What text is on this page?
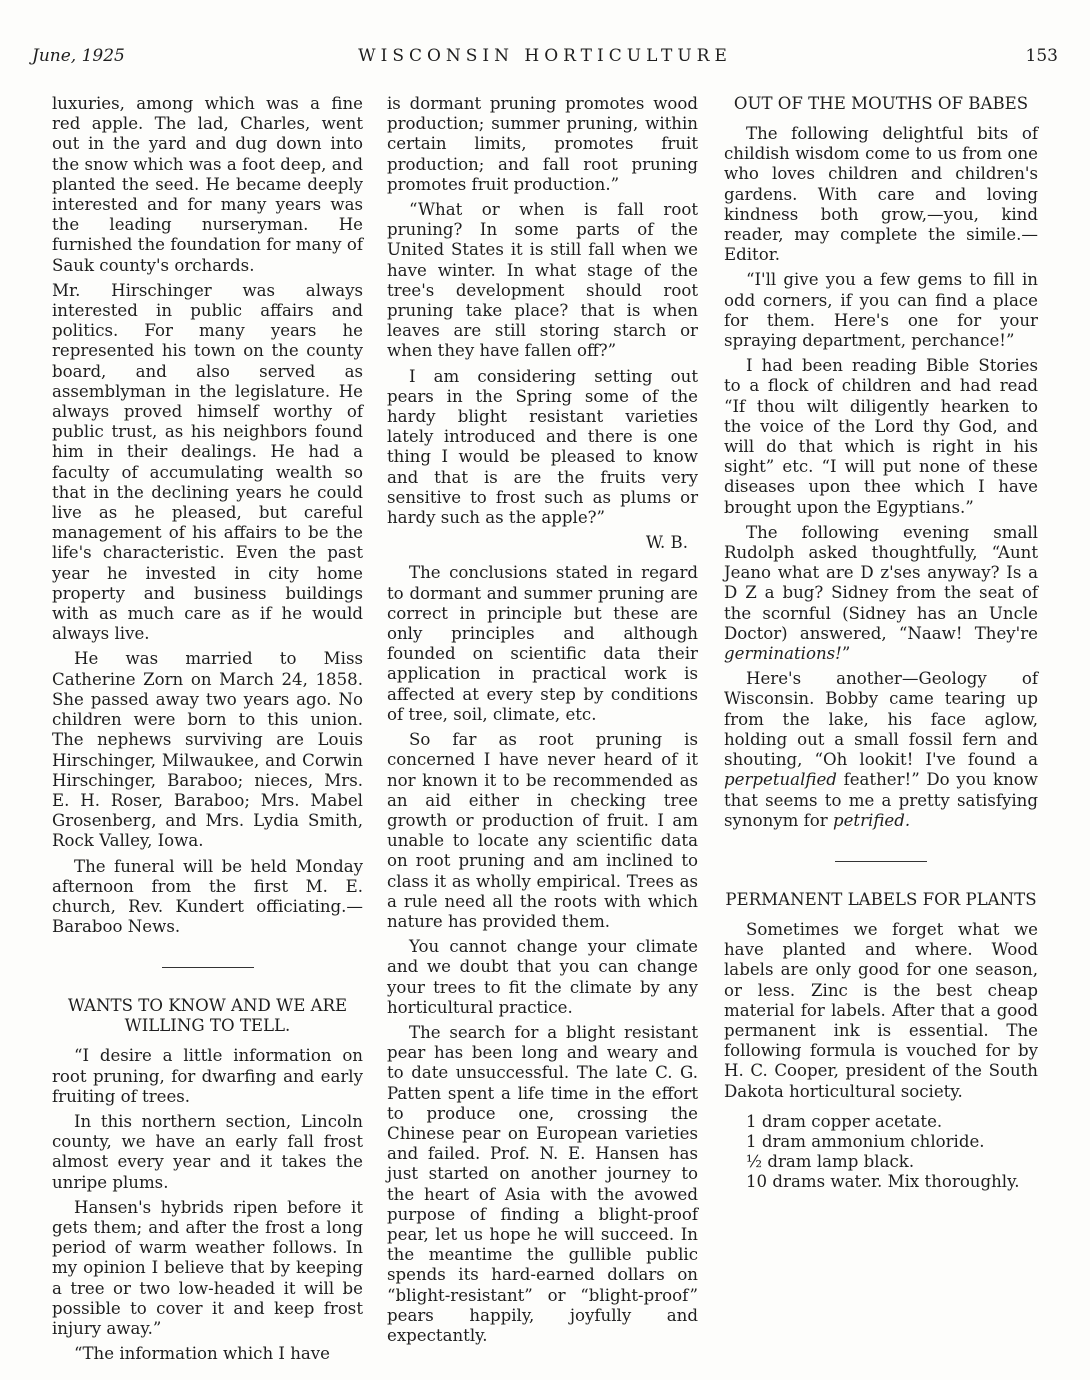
June, 1925	WISCONSIN HORTICULTURE	153

luxuries, among which was a fine red apple. The lad, Charles, went out in the yard and dug down into the snow which was a foot deep, and planted the seed. He became deeply interested and for many years was the leading nurseryman. He furnished the foundation for many of Sauk county's orchards.

Mr. Hirschinger was always interested in public affairs and politics. For many years he represented his town on the county board, and also served as assemblyman in the legislature. He always proved himself worthy of public trust, as his neighbors found him in their dealings. He had a faculty of accumulating wealth so that in the declining years he could live as he pleased, but careful management of his affairs to be the life's characteristic. Even the past year he invested in city home property and business buildings with as much care as if he would always live.

He was married to Miss Catherine Zorn on March 24, 1858. She passed away two years ago. No children were born to this union. The nephews surviving are Louis Hirschinger, Milwaukee, and Corwin Hirschinger, Baraboo; nieces, Mrs. E. H. Roser, Baraboo; Mrs. Mabel Grosenberg, and Mrs. Lydia Smith, Rock Valley, Iowa.

The funeral will be held Monday afternoon from the first M. E. church, Rev. Kundert officiating.—Baraboo News.

WANTS TO KNOW AND WE ARE WILLING TO TELL.

“I desire a little information on root pruning, for dwarfing and early fruiting of trees.

In this northern section, Lincoln county, we have an early fall frost almost every year and it takes the unripe plums.

Hansen's hybrids ripen before it gets them; and after the frost a long period of warm weather follows. In my opinion I believe that by keeping a tree or two low-headed it will be possible to cover it and keep frost injury away.”

“The information which I have

is dormant pruning promotes wood production; summer pruning, within certain limits, promotes fruit production; and fall root pruning promotes fruit production.”

“What or when is fall root pruning? In some parts of the United States it is still fall when we have winter. In what stage of the tree's development should root pruning take place? that is when leaves are still storing starch or when they have fallen off?”

I am considering setting out pears in the Spring some of the hardy blight resistant varieties lately introduced and there is one thing I would be pleased to know and that is are the fruits very sensitive to frost such as plums or hardy such as the apple?”

W. B.

The conclusions stated in regard to dormant and summer pruning are correct in principle but these are only principles and although founded on scientific data their application in practical work is affected at every step by conditions of tree, soil, climate, etc.

So far as root pruning is concerned I have never heard of it nor known it to be recommended as an aid either in checking tree growth or production of fruit. I am unable to locate any scientific data on root pruning and am inclined to class it as wholly empirical. Trees as a rule need all the roots with which nature has provided them.

You cannot change your climate and we doubt that you can change your trees to fit the climate by any horticultural practice.

The search for a blight resistant pear has been long and weary and to date unsuccessful. The late C. G. Patten spent a life time in the effort to produce one, crossing the Chinese pear on European varieties and failed. Prof. N. E. Hansen has just started on another journey to the heart of Asia with the avowed purpose of finding a blight-proof pear, let us hope he will succeed. In the meantime the gullible public spends its hard-earned dollars on “blight-resistant” or “blight-proof” pears happily, joyfully and expectantly.

OUT OF THE MOUTHS OF BABES

The following delightful bits of childish wisdom come to us from one who loves children and children's gardens. With care and loving kindness both grow,—you, kind reader, may complete the simile.—Editor.

“I'll give you a few gems to fill in odd corners, if you can find a place for them. Here's one for your spraying department, perchance!”

I had been reading Bible Stories to a flock of children and had read “If thou wilt diligently hearken to the voice of the Lord thy God, and will do that which is right in his sight” etc. “I will put none of these diseases upon thee which I have brought upon the Egyptians.”

The following evening small Rudolph asked thoughtfully, “Aunt Jeano what are D z'ses anyway? Is a D Z a bug? Sidney from the seat of the scornful (Sidney has an Uncle Doctor) answered, “Naaw! They're germinations!”

Here's another—Geology of Wisconsin. Bobby came tearing up from the lake, his face aglow, holding out a small fossil fern and shouting, “Oh lookit! I've found a perpetualfied feather!” Do you know that seems to me a pretty satisfying synonym for petrified.

PERMANENT LABELS FOR PLANTS

Sometimes we forget what we have planted and where. Wood labels are only good for one season, or less. Zinc is the best cheap material for labels. After that a good permanent ink is essential. The following formula is vouched for by H. C. Cooper, president of the South Dakota horticultural society.

1 dram copper acetate.
1 dram ammonium chloride.
½ dram lamp black.
10 drams water. Mix thoroughly.
